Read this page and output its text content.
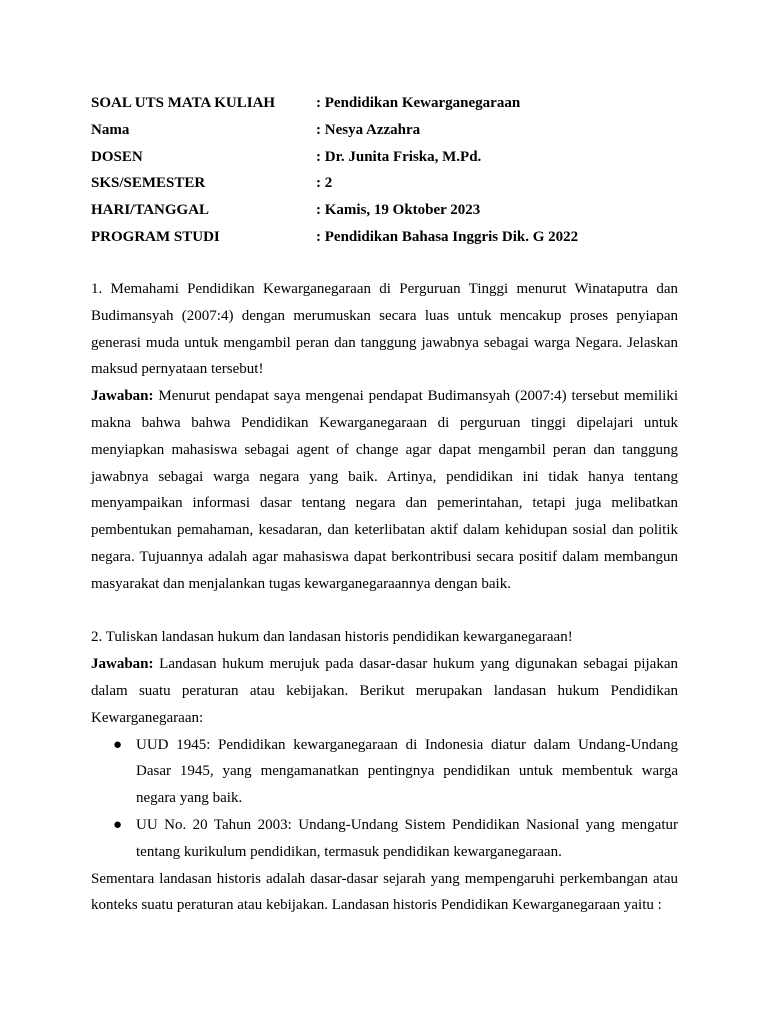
SOAL UTS MATA KULIAH	: Pendidikan Kewarganegaraan
Nama	: Nesya Azzahra
DOSEN	: Dr. Junita Friska, M.Pd.
SKS/SEMESTER	: 2
HARI/TANGGAL	: Kamis, 19 Oktober 2023
PROGRAM STUDI	: Pendidikan Bahasa Inggris Dik. G 2022

1. Memahami Pendidikan Kewarganegaraan di Perguruan Tinggi menurut Winataputra dan Budimansyah (2007:4) dengan merumuskan secara luas untuk mencakup proses penyiapan generasi muda untuk mengambil peran dan tanggung jawabnya sebagai warga Negara. Jelaskan maksud pernyataan tersebut!

Jawaban: Menurut pendapat saya mengenai pendapat Budimansyah (2007:4) tersebut memiliki makna bahwa bahwa Pendidikan Kewarganegaraan di perguruan tinggi dipelajari untuk menyiapkan mahasiswa sebagai agent of change agar dapat mengambil peran dan tanggung jawabnya sebagai warga negara yang baik. Artinya, pendidikan ini tidak hanya tentang menyampaikan informasi dasar tentang negara dan pemerintahan, tetapi juga melibatkan pembentukan pemahaman, kesadaran, dan keterlibatan aktif dalam kehidupan sosial dan politik negara. Tujuannya adalah agar mahasiswa dapat berkontribusi secara positif dalam membangun masyarakat dan menjalankan tugas kewarganegaraannya dengan baik.

2. Tuliskan landasan hukum dan landasan historis pendidikan kewarganegaraan!

Jawaban: Landasan hukum merujuk pada dasar-dasar hukum yang digunakan sebagai pijakan dalam suatu peraturan atau kebijakan. Berikut merupakan landasan hukum Pendidikan Kewarganegaraan:

● UUD 1945: Pendidikan kewarganegaraan di Indonesia diatur dalam Undang-Undang Dasar 1945, yang mengamanatkan pentingnya pendidikan untuk membentuk warga negara yang baik.
● UU No. 20 Tahun 2003: Undang-Undang Sistem Pendidikan Nasional yang mengatur tentang kurikulum pendidikan, termasuk pendidikan kewarganegaraan.

Sementara landasan historis adalah dasar-dasar sejarah yang mempengaruhi perkembangan atau konteks suatu peraturan atau kebijakan. Landasan historis Pendidikan Kewarganegaraan yaitu :
